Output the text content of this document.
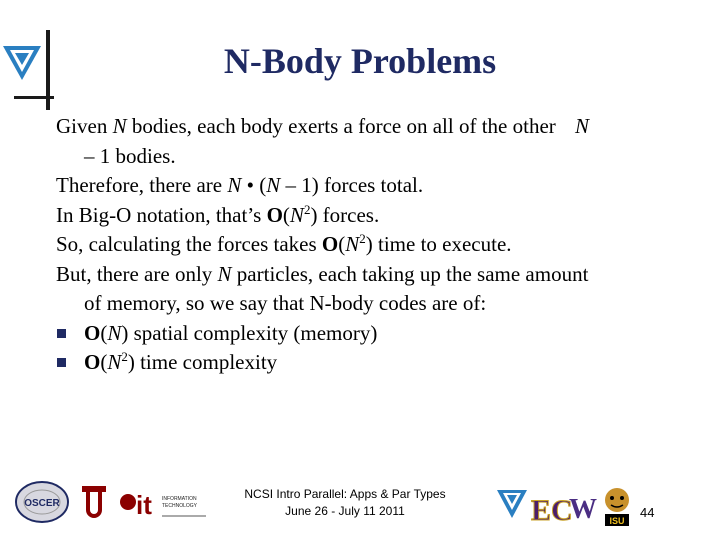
N-Body Problems
Given N bodies, each body exerts a force on all of the other N
– 1 bodies.
Therefore, there are N • (N – 1) forces total.
In Big-O notation, that’s $O(N^2)$ forces.
So, calculating the forces takes $O(N^2)$ time to execute.
But, there are only N particles, each taking up the same amount
of memory, so we say that N-body codes are of:
O(N) spatial complexity (memory)
$O(N^2)$ time complexity
OSCER	it INFORMATION
TECHNOLOGY
NCSI Intro Parallel: Apps & Par Types
June 26 - July 11 2011	EC
W ISU
44
